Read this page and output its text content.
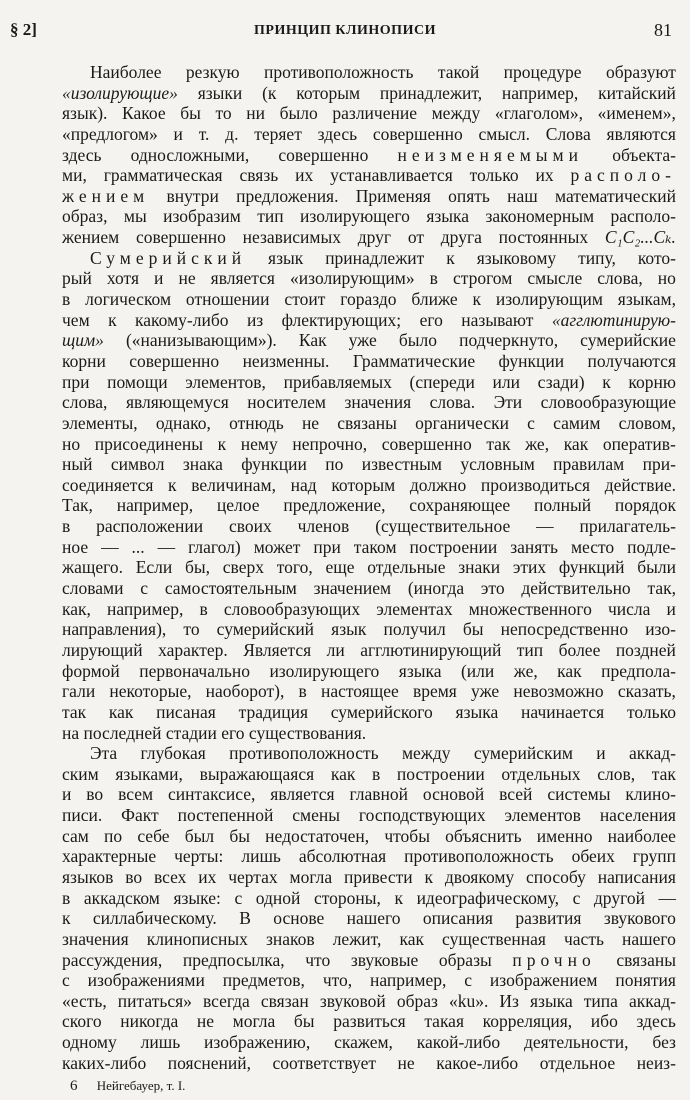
§ 2]	ПРИНЦИП КЛИНОПИСИ	81
Наиболее резкую противоположность такой процедуре образуют
«изолирующие» языки (к которым принадлежит, например, китайский
язык). Какое бы то ни было различение между «глаголом», «именем»,
«предлогом» и т. д. теряет здесь совершенно смысл. Слова являются
здесь односложными, совершенно неизменяемыми объекта-
ми, грамматическая связь их устанавливается только их располо-
жением внутри предложения. Применяя опять наш математический
образ, мы изобразим тип изолирующего языка закономерным располо-
жением совершенно независимых друг от друга постоянных C₁C₂...Cₖ.
Сумерийский язык принадлежит к языковому типу, кото-
рый хотя и не является «изолирующим» в строгом смысле слова, но
в логическом отношении стоит гораздо ближе к изолирующим языкам,
чем к какому-либо из флектирующих; его называют «агглютинирую-
щим» («нанизывающим»). Как уже было подчеркнуто, сумерийские
корни совершенно неизменны. Грамматические функции получаются
при помощи элементов, прибавляемых (спереди или сзади) к корню
слова, являющемуся носителем значения слова. Эти словообразующие
элементы, однако, отнюдь не связаны органически с самим словом,
но присоединены к нему непрочно, совершенно так же, как оператив-
ный символ знака функции по известным условным правилам при-
соединяется к величинам, над которым должно производиться действие.
Так, например, целое предложение, сохраняющее полный порядок
в расположении своих членов (существительное — прилагатель-
ное — ... — глагол) может при таком построении занять место подле-
жащего. Если бы, сверх того, еще отдельные знаки этих функций были
словами с самостоятельным значением (иногда это действительно так,
как, например, в словообразующих элементах множественного числа и
направления), то сумерийский язык получил бы непосредственно изо-
лирующий характер. Является ли агглютинирующий тип более поздней
формой первоначально изолирующего языка (или же, как предпола-
гали некоторые, наоборот), в настоящее время уже невозможно сказать,
так как писаная традиция сумерийского языка начинается только
на последней стадии его существования.
Эта глубокая противоположность между сумерийским и аккад-
ским языками, выражающаяся как в построении отдельных слов, так
и во всем синтаксисе, является главной основой всей системы клино-
писи. Факт постепенной смены господствующих элементов населения
сам по себе был бы недостаточен, чтобы объяснить именно наиболее
характерные черты: лишь абсолютная противоположность обеих групп
языков во всех их чертах могла привести к двоякому способу написания
в аккадском языке: с одной стороны, к идеографическому, с другой —
к силлабическому. В основе нашего описания развития звукового
значения клинописных знаков лежит, как существенная часть нашего
рассуждения, предпосылка, что звуковые образы прочно связаны
с изображениями предметов, что, например, с изображением понятия
«есть, питаться» всегда связан звуковой образ «ku». Из языка типа аккад-
ского никогда не могла бы развиться такая корреляция, ибо здесь
одному лишь изображению, скажем, какой-либо деятельности, без
каких-либо пояснений, соответствует не какое-либо отдельное неиз-
6 Нейгебауер, т. I.
